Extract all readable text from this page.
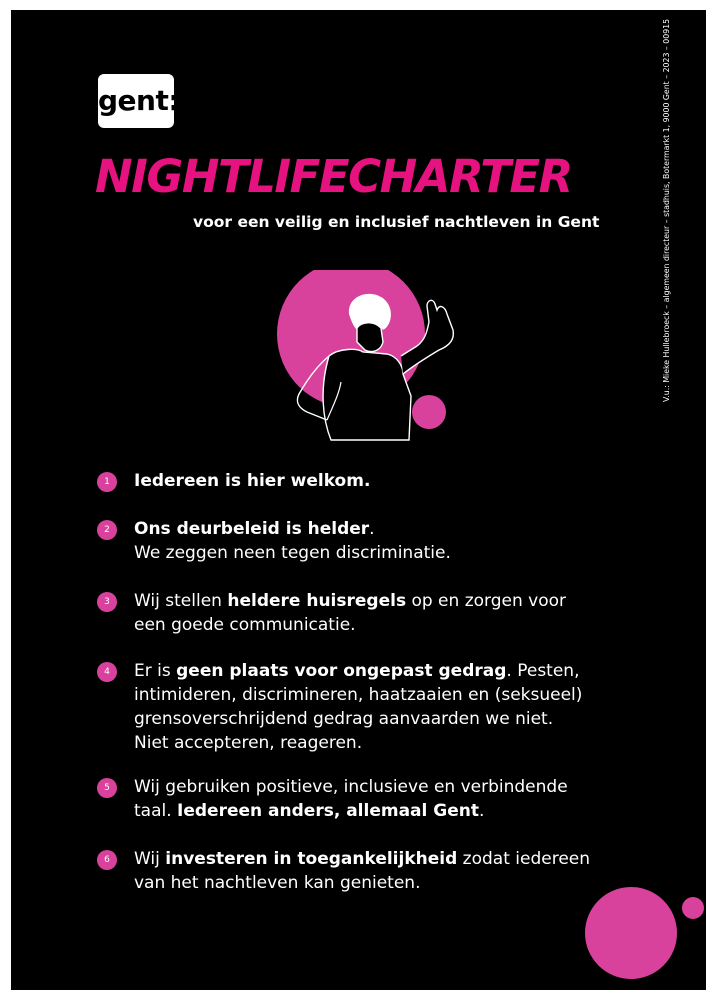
gent:
NIGHTLIFECHARTER
voor een veilig en inclusief nachtleven in Gent	V.u.: Mieke Hullebroeck – algemeen directeur – stadhuis, Botermarkt 1, 9000 Gent – 2023 – 00915
1	Iedereen is hier welkom.
2	Ons deurbeleid is helder.
We zeggen neen tegen discriminatie.
3	Wij stellen heldere huisregels op en zorgen voor
een goede communicatie.
4	Er is geen plaats voor ongepast gedrag. Pesten,
intimideren, discrimineren, haatzaaien en (seksueel)
grensoverschrijdend gedrag aanvaarden we niet.
Niet accepteren, reageren.
5	Wij gebruiken positieve, inclusieve en verbindende
taal. Iedereen anders, allemaal Gent.
6	Wij investeren in toegankelijkheid zodat iedereen
van het nachtleven kan genieten.
